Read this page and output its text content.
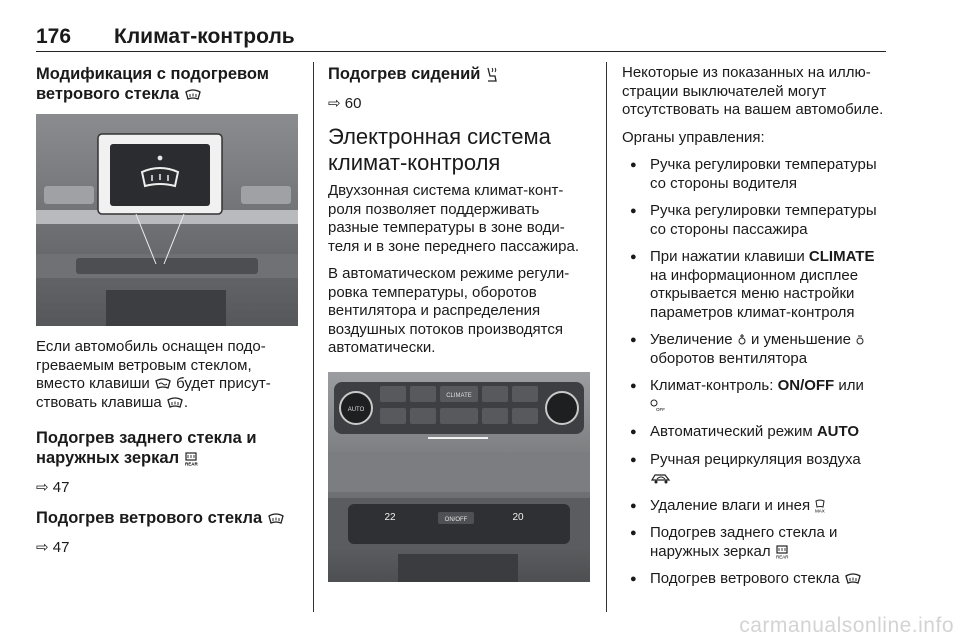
176 Климат-контроль
Модификация с подогревом ветрового стекла

Если автомобиль оснащен подогреваемым ветровым стеклом, вместо клавиши будет присутствовать клавиша .

Подогрев заднего стекла и наружных зеркал REAR
⇨ 47
Подогрев ветрового стекла
⇨ 47
Подогрев сидений
⇨ 60
Электронная система климат-контроля

Двухзонная система климат-контроля позволяет поддерживать разные температуры в зоне водителя и в зоне переднего пассажира.

В автоматическом режиме регулировка температуры, оборотов вентилятора и распределения воздушных потоков производятся автоматически.

AUTO
CLIMATE
22	20
ON/OFF

Некоторые из показанных на иллюстрации выключателей могут отсутствовать на вашем автомобиле.

Органы управления:

● Ручка регулировки температуры со стороны водителя
● Ручка регулировки температуры со стороны пассажира
● При нажатии клавиши CLIMATE на информационном дисплее открывается меню настройки параметров климат-контроля
● Увеличение и уменьшение  оборотов вентилятора
● Климат-контроль: ON/OFF или

OFF
● Автоматический режим AUTO
● Ручная рециркуляция воздуха

● Удаление влаги и инея MAX
● Подогрев заднего стекла и наружных зеркал REAR
● Подогрев ветрового стекла
carmanualsonline.info
